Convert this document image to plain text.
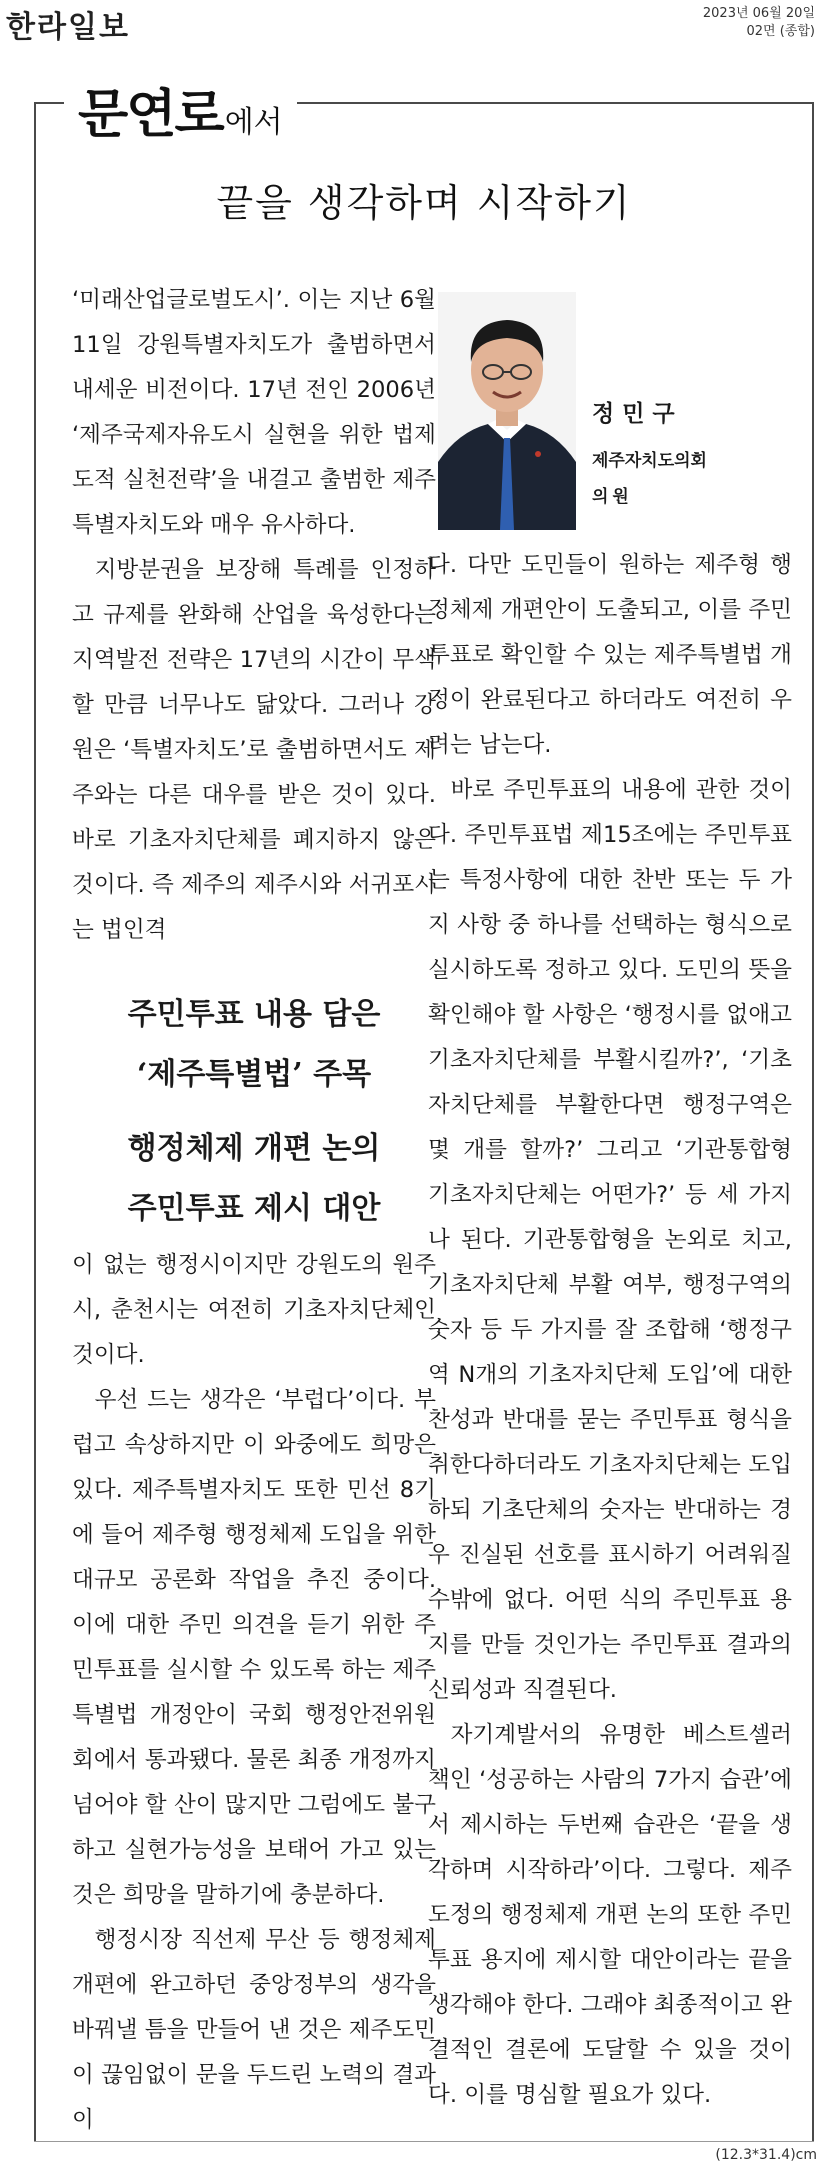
한라일보	2023년 06월 20일
02면 (종합)
문연로 에서
끝을 생각하며 시작하기

‘미래산업글로벌도시’. 이는 지난 6월 11일 강원특별자치도가 출범하면서 내세운 비전이다. 17년 전인 2006년 ‘제주국제자유도시 실현을 위한 법제도적 실천전략’을 내걸고 출범한 제주특별자치도와 매우 유사하다.

지방분권을 보장해 특례를 인정하고 규제를 완화해 산업을 육성한다는 지역발전 전략은 17년의 시간이 무색할 만큼 너무나도 닮았다. 그러나 강원은 ‘특별자치도’로 출범하면서도 제주와는 다른 대우를 받은 것이 있다. 바로 기초자치단체를 폐지하지 않은 것이다. 즉 제주의 제주시와 서귀포시는 법인격

정민구
제주자치도의회
의원
주민투표 내용 담은
‘제주특별법’ 주목
행정체제 개편 논의
주민투표 제시 대안

이 없는 행정시이지만 강원도의 원주시, 춘천시는 여전히 기초자치단체인 것이다.

우선 드는 생각은 ‘부럽다’이다. 부럽고 속상하지만 이 와중에도 희망은 있다. 제주특별자치도 또한 민선 8기에 들어 제주형 행정체제 도입을 위한 대규모 공론화 작업을 추진 중이다. 이에 대한 주민 의견을 듣기 위한 주민투표를 실시할 수 있도록 하는 제주특별법 개정안이 국회 행정안전위원회에서 통과됐다. 물론 최종 개정까지 넘어야 할 산이 많지만 그럼에도 불구하고 실현가능성을 보태어 가고 있는 것은 희망을 말하기에 충분하다.

행정시장 직선제 무산 등 행정체제 개편에 완고하던 중앙정부의 생각을 바꿔낼 틈을 만들어 낸 것은 제주도민이 끊임없이 문을 두드린 노력의 결과이

다. 다만 도민들이 원하는 제주형 행정체제 개편안이 도출되고, 이를 주민투표로 확인할 수 있는 제주특별법 개정이 완료된다고 하더라도 여전히 우려는 남는다.

바로 주민투표의 내용에 관한 것이다. 주민투표법 제15조에는 주민투표는 특정사항에 대한 찬반 또는 두 가지 사항 중 하나를 선택하는 형식으로 실시하도록 정하고 있다. 도민의 뜻을 확인해야 할 사항은 ‘행정시를 없애고 기초자치단체를 부활시킬까?’, ‘기초자치단체를 부활한다면 행정구역은 몇 개를 할까?’ 그리고 ‘기관통합형 기초자치단체는 어떤가?’ 등 세 가지나 된다. 기관통합형을 논외로 치고, 기초자치단체 부활 여부, 행정구역의 숫자 등 두 가지를 잘 조합해 ‘행정구역 N개의 기초자치단체 도입’에 대한 찬성과 반대를 묻는 주민투표 형식을 취한다하더라도 기초자치단체는 도입하되 기초단체의 숫자는 반대하는 경우 진실된 선호를 표시하기 어려워질 수밖에 없다. 어떤 식의 주민투표 용지를 만들 것인가는 주민투표 결과의 신뢰성과 직결된다.

자기계발서의 유명한 베스트셀러 책인 ‘성공하는 사람의 7가지 습관’에서 제시하는 두번째 습관은 ‘끝을 생각하며 시작하라’이다. 그렇다. 제주도정의 행정체제 개편 논의 또한 주민투표 용지에 제시할 대안이라는 끝을 생각해야 한다. 그래야 최종적이고 완결적인 결론에 도달할 수 있을 것이다. 이를 명심할 필요가 있다.

(12.3*31.4)cm
